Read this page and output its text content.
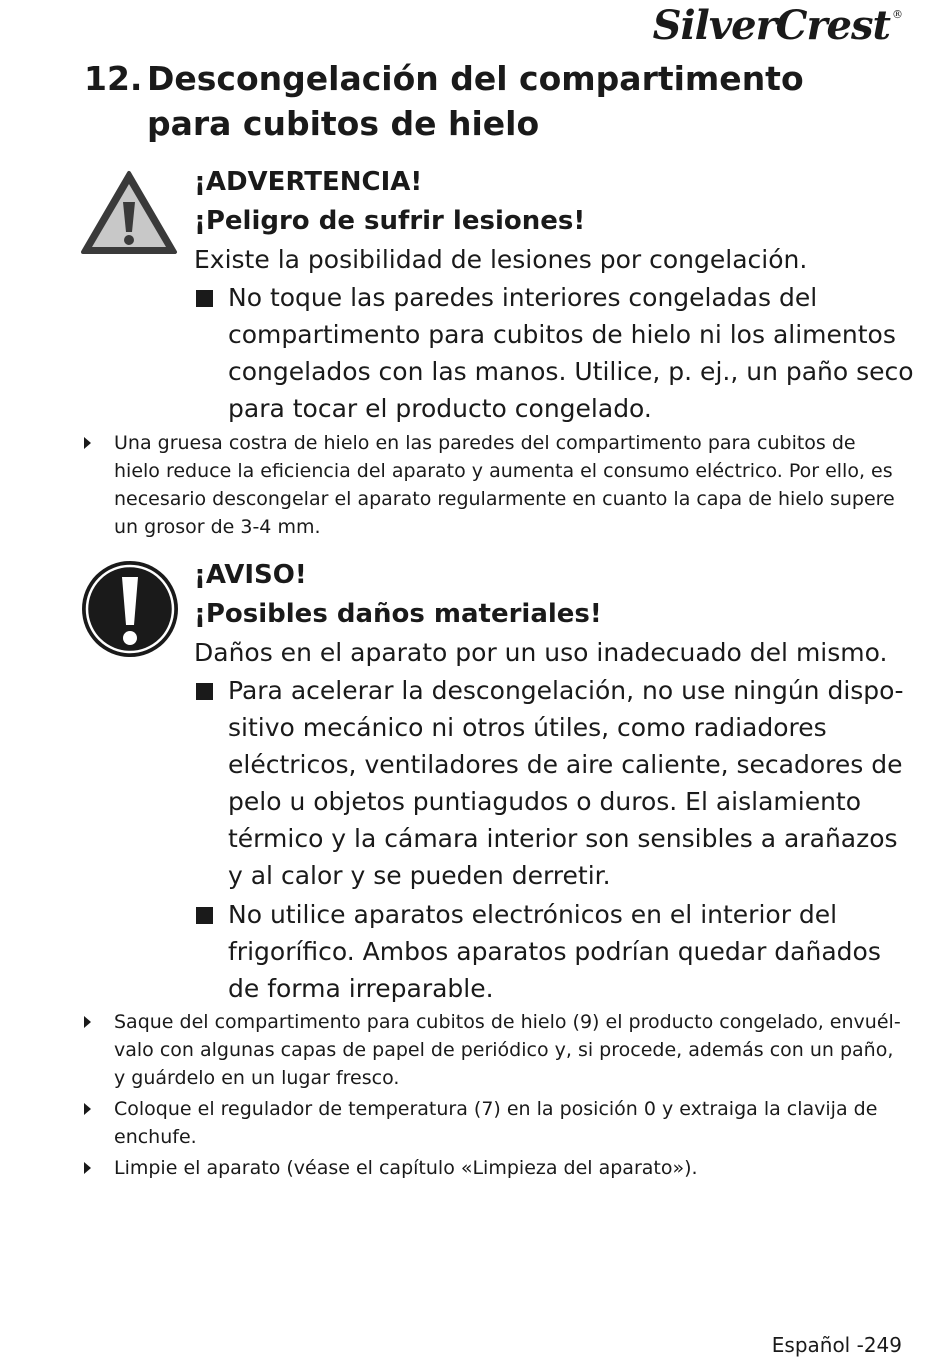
SilverCrest ®
12. Descongelación del compartimento para cubitos de hielo

¡ADVERTENCIA!

¡Peligro de sufrir lesiones!

Existe la posibilidad de lesiones por congelación.

No toque las paredes interiores congeladas del compartimento para cubitos de hielo ni los alimentos congelados con las manos. Utilice, p. ej., un paño seco para tocar el producto congelado.

Una gruesa costra de hielo en las paredes del compartimento para cubitos de hielo reduce la eficiencia del aparato y aumenta el consumo eléctrico. Por ello, es necesario descongelar el aparato regularmente en cuanto la capa de hielo supere un grosor de 3-4 mm.

¡AVISO!

¡Posibles daños materiales!

Daños en el aparato por un uso inadecuado del mismo.

Para acelerar la descongelación, no use ningún dispositivo mecánico ni otros útiles, como radiadores eléctricos, ventiladores de aire caliente, secadores de pelo u objetos puntiagudos o duros. El aislamiento térmico y la cámara interior son sensibles a arañazos y al calor y se pueden derretir.

No utilice aparatos electrónicos en el interior del frigorífico. Ambos aparatos podrían quedar dañados de forma irreparable.

Saque del compartimento para cubitos de hielo (9) el producto congelado, envuélvalo con algunas capas de papel de periódico y, si procede, además con un paño, y guárdelo en un lugar fresco.
Coloque el regulador de temperatura (7) en la posición 0 y extraiga la clavija de enchufe.
Limpie el aparato (véase el capítulo «Limpieza del aparato»).
Español -249
